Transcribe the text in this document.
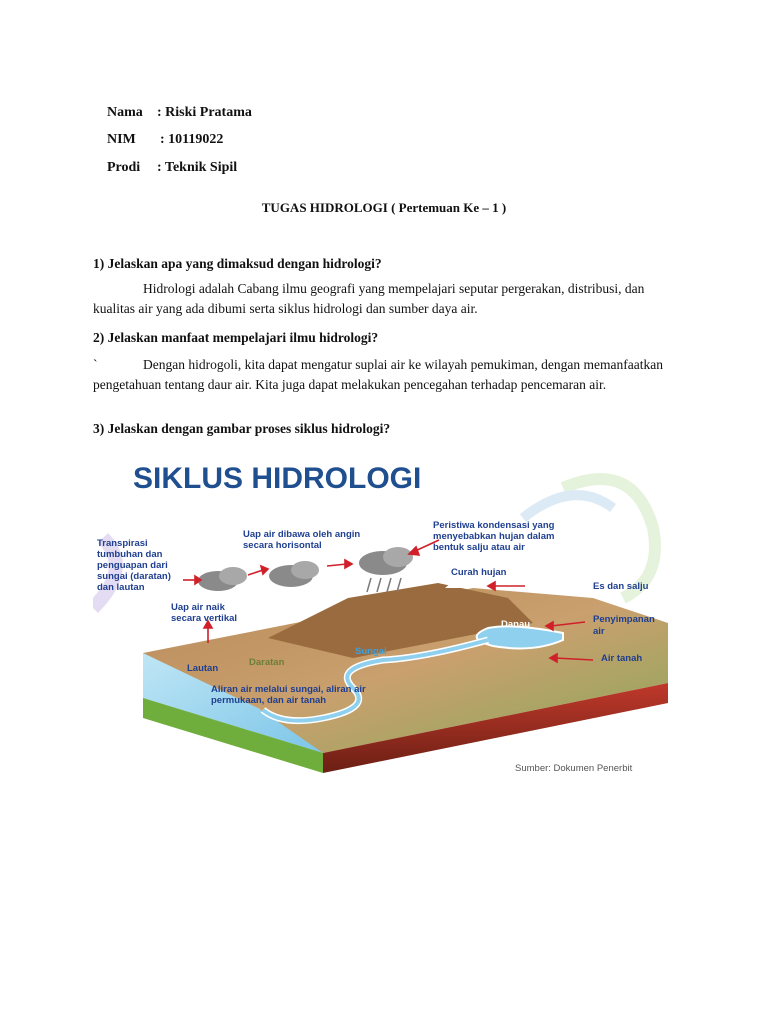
Nama : Riski Pratama

NIM : 10119022

Prodi : Teknik Sipil

TUGAS HIDROLOGI ( Pertemuan Ke – 1 )
1) Jelaskan apa yang dimaksud dengan hidrologi?
Hidrologi adalah Cabang ilmu geografi yang mempelajari seputar pergerakan, distribusi, dan kualitas air yang ada dibumi serta siklus hidrologi dan sumber daya air.
2) Jelaskan manfaat mempelajari ilmu hidrologi?
`	Dengan hidrogoli, kita dapat mengatur suplai air ke wilayah pemukiman, dengan memanfaatkan pengetahuan tentang daur air. Kita juga dapat melakukan pencegahan terhadap pencemaran air.
3) Jelaskan dengan gambar proses siklus hidrologi?
SIKLUS HIDROLOGI
Transpirasi tumbuhan dan penguapan dari sungai (daratan) dan lautan
Uap air dibawa oleh angin secara horisontal
Peristiwa kondensasi yang menyebabkan hujan dalam bentuk salju atau air
Curah hujan
Es dan salju
Uap air naik secara vertikal
Danau	Penyimpanan air
Sungai
Daratan
Lautan
Air tanah
Aliran air melalui sungai, aliran air permukaan, dan air tanah
Sumber: Dokumen Penerbit
